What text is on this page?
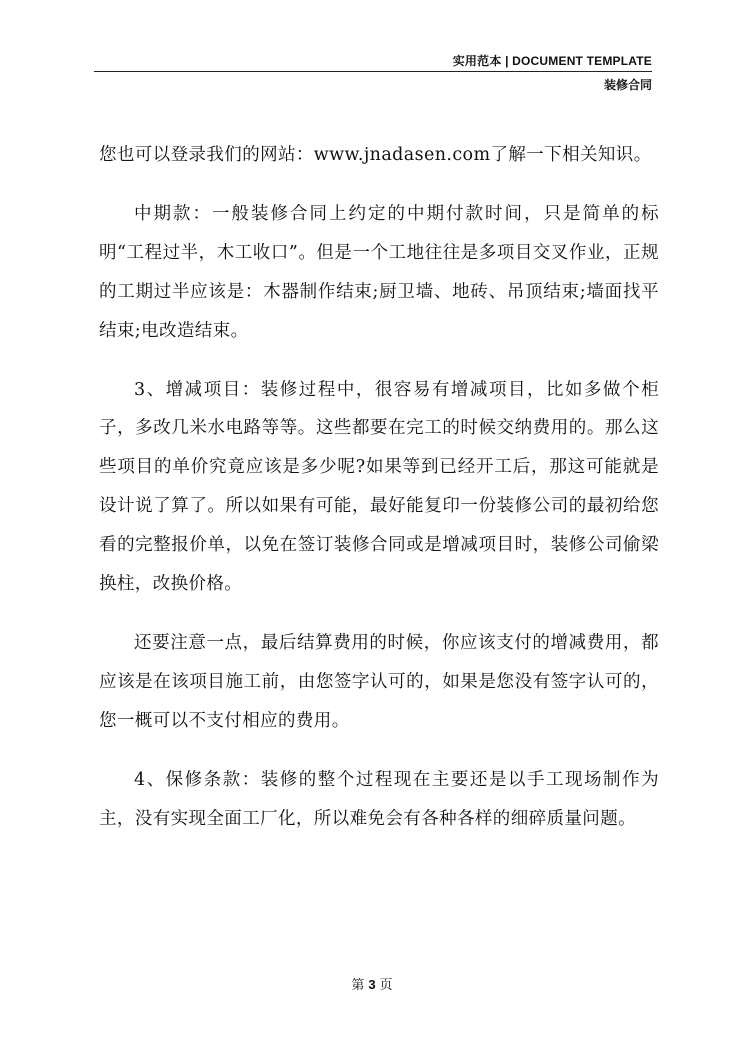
实用范本 | DOCUMENT TEMPLATE
装修合同

您也可以登录我们的网站：www.jnadasen.com了解一下相关知识。

中期款：一般装修合同上约定的中期付款时间，只是简单的标明“工程过半，木工收口”。但是一个工地往往是多项目交叉作业，正规的工期过半应该是：木器制作结束;厨卫墙、地砖、吊顶结束;墙面找平结束;电改造结束。

3、增减项目：装修过程中，很容易有增减项目，比如多做个柜子，多改几米水电路等等。这些都要在完工的时候交纳费用的。那么这些项目的单价究竟应该是多少呢?如果等到已经开工后，那这可能就是设计说了算了。所以如果有可能，最好能复印一份装修公司的最初给您看的完整报价单，以免在签订装修合同或是增减项目时，装修公司偷梁换柱，改换价格。

还要注意一点，最后结算费用的时候，你应该支付的增减费用，都应该是在该项目施工前，由您签字认可的，如果是您没有签字认可的，您一概可以不支付相应的费用。

4、保修条款：装修的整个过程现在主要还是以手工现场制作为主，没有实现全面工厂化，所以难免会有各种各样的细碎质量问题。

第 3 页
